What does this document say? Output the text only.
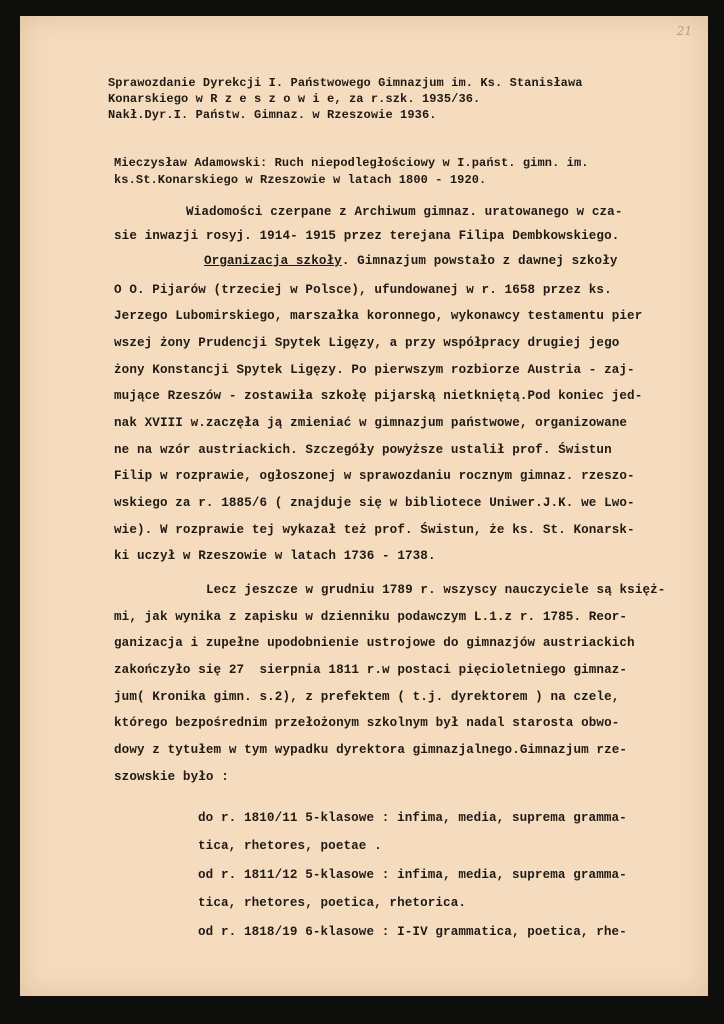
21
Sprawozdanie Dyrekcji I. Państwowego Gimnazjum im. Ks. Stanisława
Konarskiego w R z e s z o w i e, za r.szk. 1935/36.
Nakł.Dyr.I. Państw. Gimnaz. w Rzeszowie 1936.
Mieczysław Adamowski: Ruch niepodległościowy w I.państ. gimn. im.
ks.St.Konarskiego w Rzeszowie w latach 1800 - 1920.
Wiadomości czerpane z Archiwum gimnaz. uratowanego w cza-
sie inwazji rosyj. 1914- 1915 przez terejana Filipa Dembkowskiego.
Organizacja szkoły. Gimnazjum powstało z dawnej szkoły
O O. Pijarów (trzeciej w Polsce), ufundowanej w r. 1658 przez ks.
Jerzego Lubomirskiego, marszałka koronnego, wykonawcy testamentu pier
wszej żony Prudencji Spytek Ligęzy, a przy współpracy drugiej jego
żony Konstancji Spytek Ligęzy. Po pierwszym rozbiorze Austria - zaj-
mujące Rzeszów - zostawiła szkołę pijarską nietkniętą.Pod koniec jed-
nak XVIII w.zaczęła ją zmieniać w gimnazjum państwowe, organizowane
ne na wzór austriackich. Szczegóły powyższe ustalił prof. Świstun
Filip w rozprawie, ogłoszonej w sprawozdaniu rocznym gimnaz. rzeszo-
wskiego za r. 1885/6 ( znajduje się w bibliotece Uniwer.J.K. we Lwo-
wie). W rozprawie tej wykazał też prof. Świstun, że ks. St. Konarsk-
ki uczył w Rzeszowie w latach 1736 - 1738.
Lecz jeszcze w grudniu 1789 r. wszyscy nauczyciele są księż-
mi, jak wynika z zapisku w dzienniku podawczym L.1.z r. 1785. Reor-
ganizacja i zupełne upodobnienie ustrojowe do gimnazjów austriackich
zakończyło się 27  sierpnia 1811 r.w postaci pięcioletniego gimnaz-
jum( Kronika gimn. s.2), z prefektem ( t.j. dyrektorem ) na czele,
którego bezpośrednim przełożonym szkolnym był nadal starosta obwo-
dowy z tytułem w tym wypadku dyrektora gimnazjalnego.Gimnazjum rze-
szowskie było :
do r. 1810/11 5-klasowe : infima, media, suprema gramma-
tica, rhetores, poetae .
od r. 1811/12 5-klasowe : infima, media, suprema gramma-
tica, rhetores, poetica, rhetorica.
od r. 1818/19 6-klasowe : I-IV grammatica, poetica, rhe-
